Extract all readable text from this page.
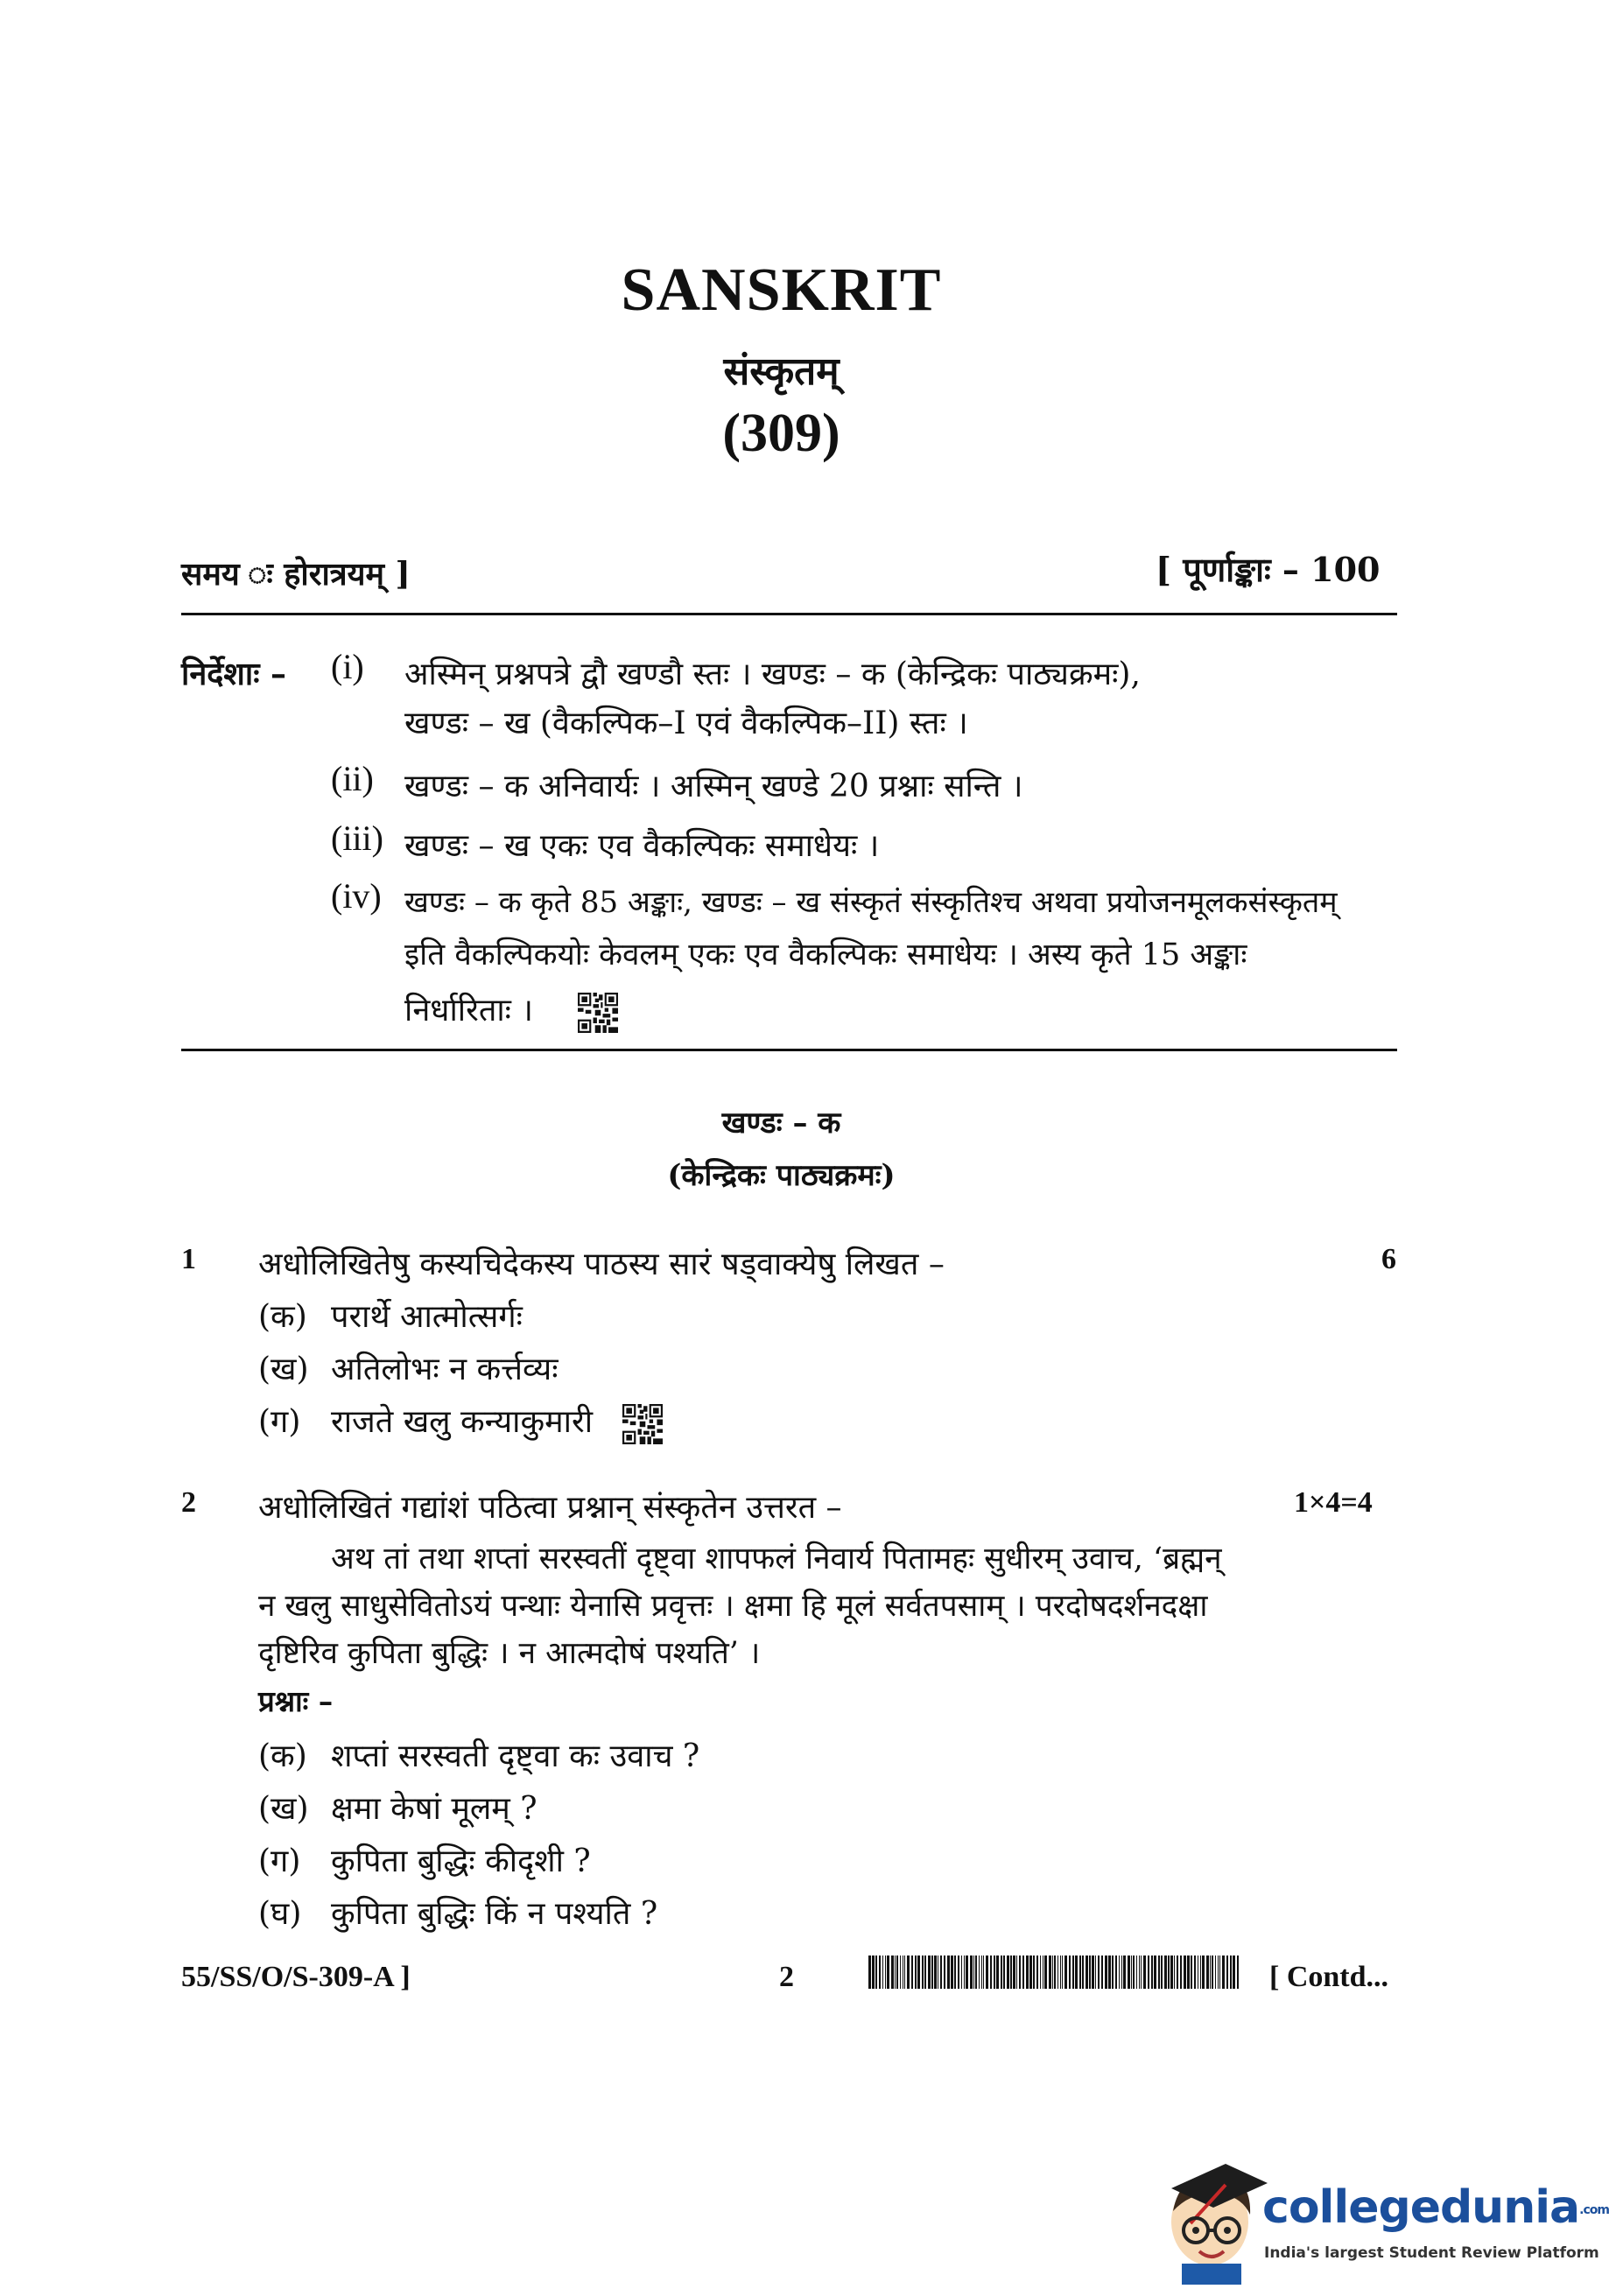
SANSKRIT
संस्कृतम्
(309)
समय ः होरात्रयम् ]	[ पूर्णाङ्काः – 100
निर्देशाः – (i) अस्मिन् प्रश्नपत्रे द्वौ खण्डौ स्तः । खण्डः – क (केन्द्रिकः पाठ्यक्रमः),
खण्डः – ख (वैकल्पिक–I एवं वैकल्पिक–II) स्तः ।
(ii) खण्डः – क अनिवार्यः । अस्मिन् खण्डे 20 प्रश्नाः सन्ति ।
(iii) खण्डः – ख एकः एव वैकल्पिकः समाधेयः ।
(iv) खण्डः – क कृते 85 अङ्काः, खण्डः – ख संस्कृतं संस्कृतिश्च अथवा प्रयोजनमूलकसंस्कृतम्
इति वैकल्पिकयोः केवलम् एकः एव वैकल्पिकः समाधेयः । अस्य कृते 15 अङ्काः
निर्धारिताः ।
खण्डः – क
(केन्द्रिकः पाठ्यक्रमः)
1 अधोलिखितेषु कस्यचिदेकस्य पाठस्य सारं षड्वाक्येषु लिखत –	6
(क) परार्थे आत्मोत्सर्गः
(ख) अतिलोभः न कर्त्तव्यः
(ग) राजते खलु कन्याकुमारी
2 अधोलिखितं गद्यांशं पठित्वा प्रश्नान् संस्कृतेन उत्तरत –	1×4=4
अथ तां तथा शप्तां सरस्वतीं दृष्ट्वा शापफलं निवार्य पितामहः सुधीरम् उवाच, ‘ब्रह्मन्
न खलु साधुसेवितोऽयं पन्थाः येनासि प्रवृत्तः । क्षमा हि मूलं सर्वतपसाम् । परदोषदर्शनदक्षा
दृष्टिरिव कुपिता बुद्धिः । न आत्मदोषं पश्यति’ ।
प्रश्नाः –
(क) शप्तां सरस्वती दृष्ट्वा कः उवाच ?
(ख) क्षमा केषां मूलम् ?
(ग) कुपिता बुद्धिः कीदृशी ?
(घ) कुपिता बुद्धिः किं न पश्यति ?
55/SS/O/S-309-A ]	2	[ Contd...
collegedunia.com
India's largest Student Review Platform
